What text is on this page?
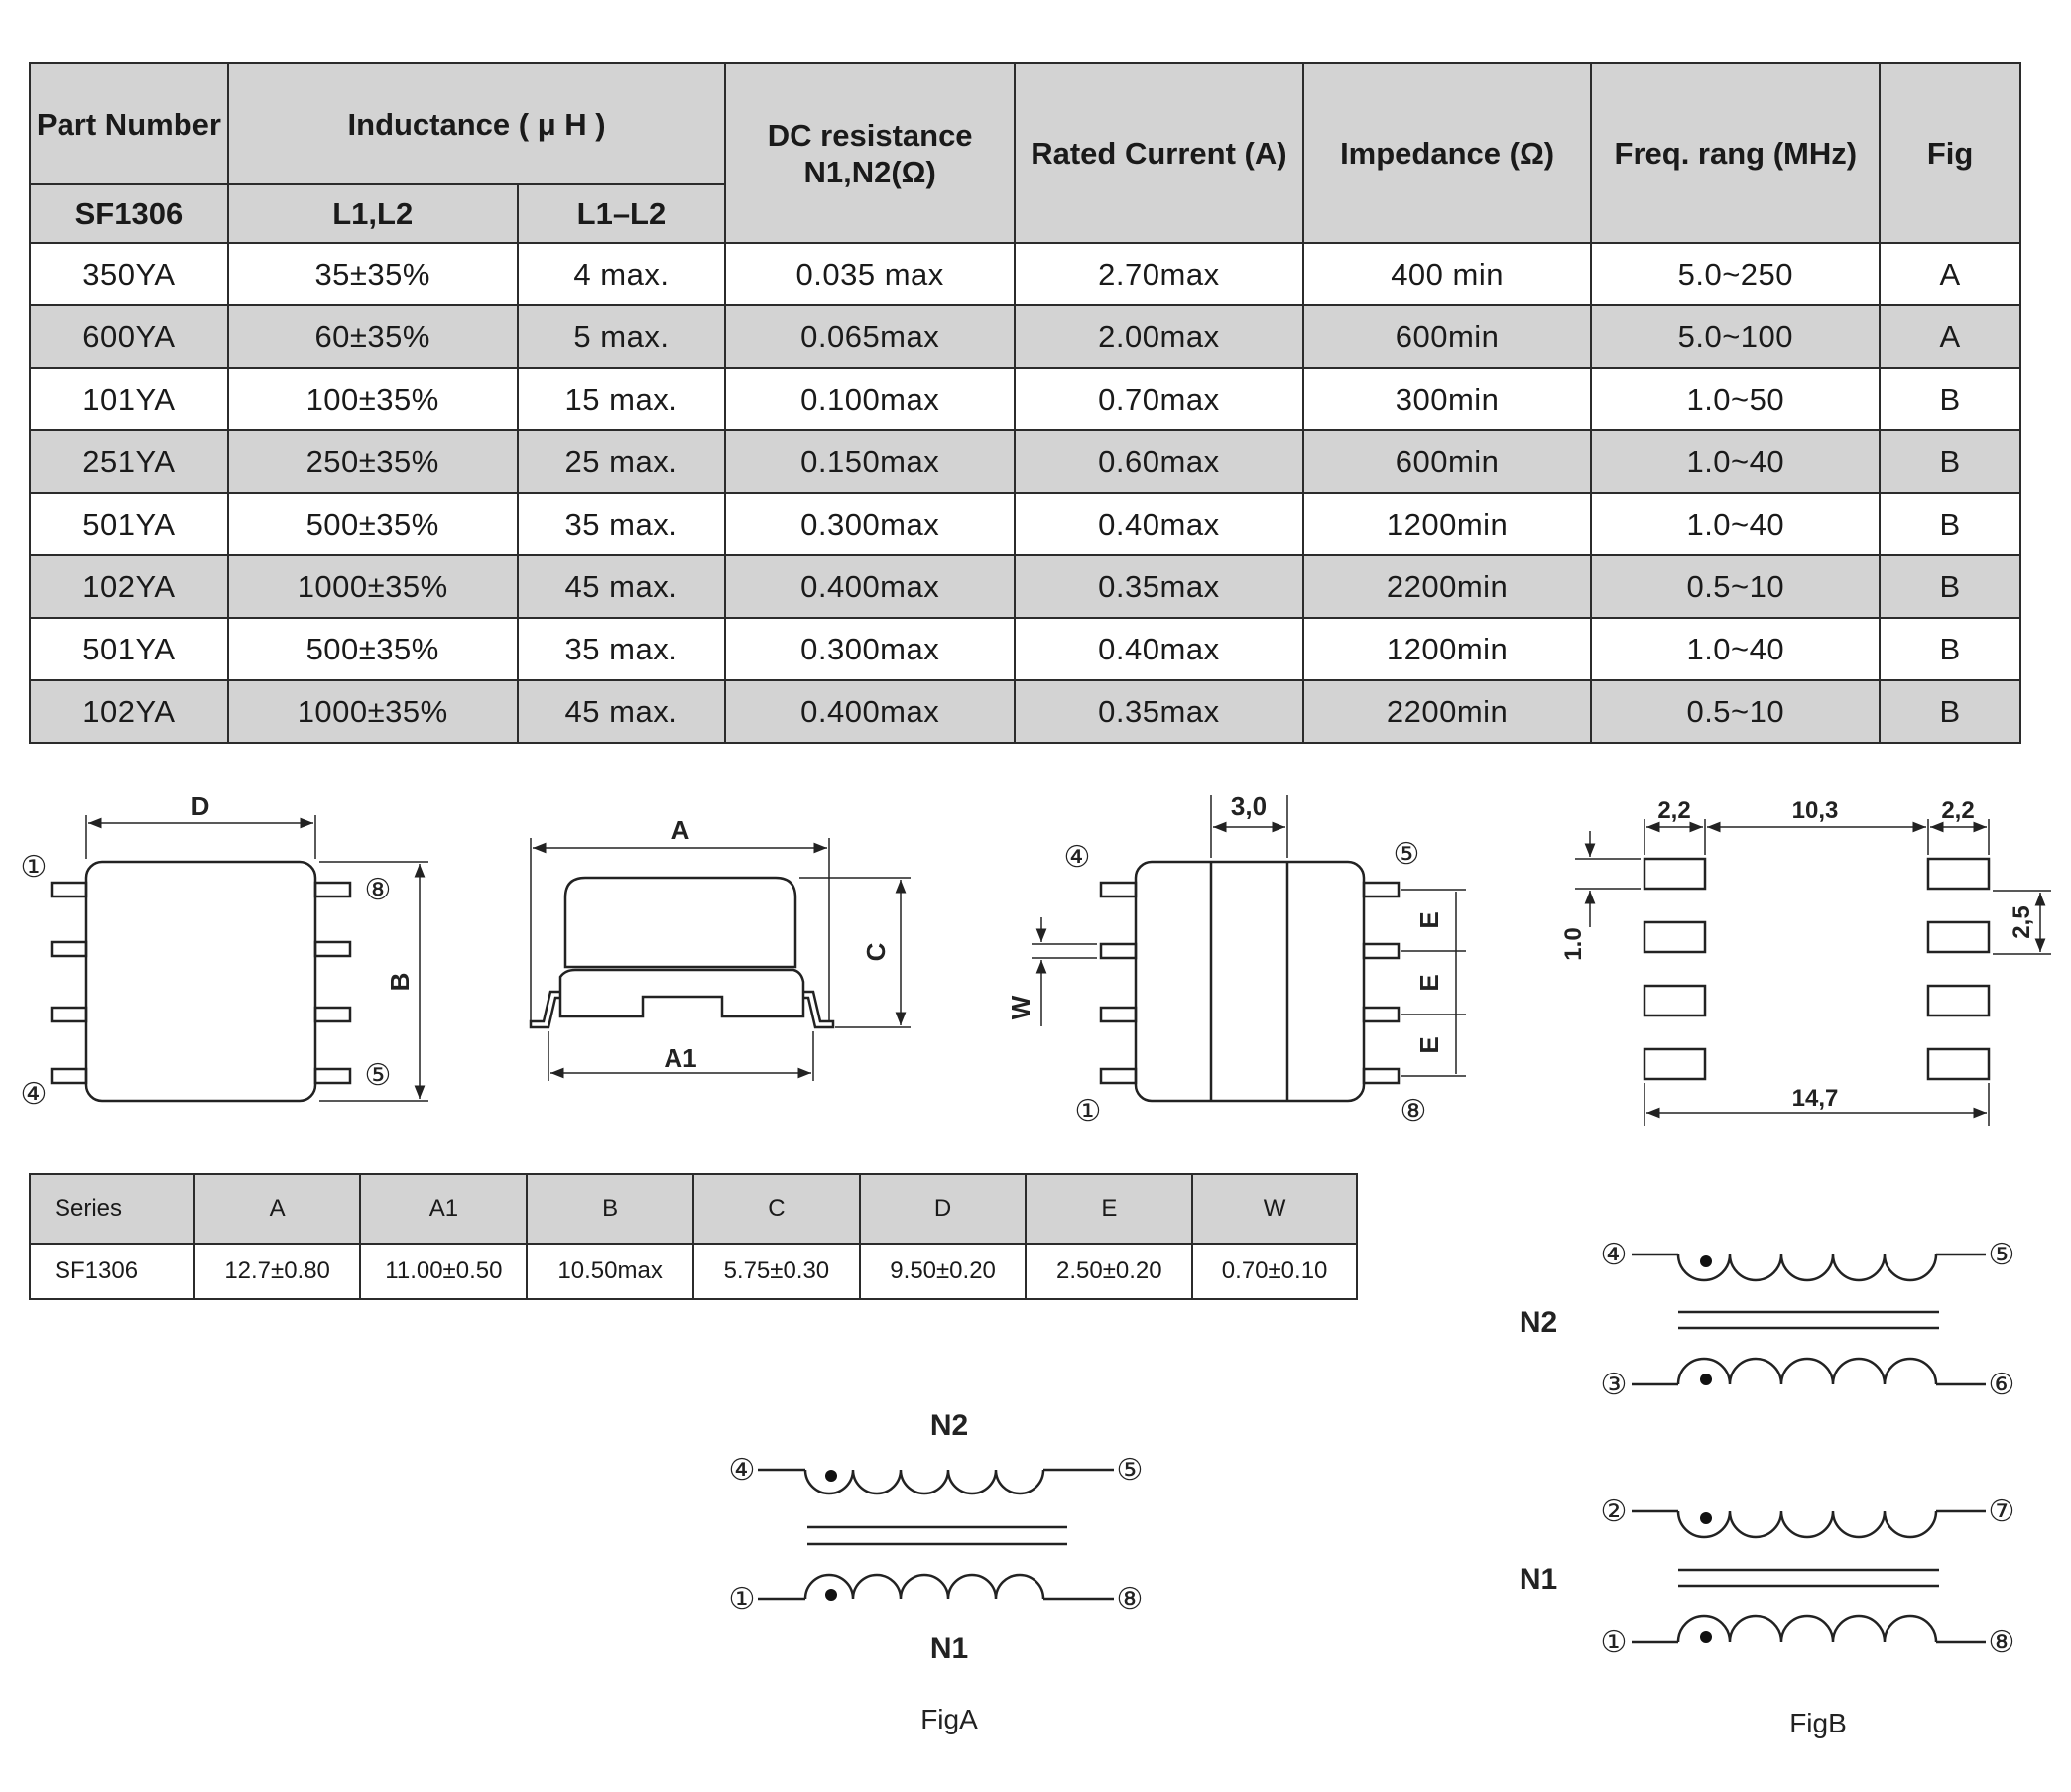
Part Number	Inductance ( μ H )		DC resistance N1,N2(Ω)	Rated Current (A)	Impedance (Ω)	Freq. rang (MHz)	Fig
SF1306	L1,L2	L1–L2					
350YA	35±35%	4 max.	0.035 max	2.70max	400 min	5.0~250	A
600YA	60±35%	5 max.	0.065max	2.00max	600min	5.0~100	A
101YA	100±35%	15 max.	0.100max	0.70max	300min	1.0~50	B
251YA	250±35%	25 max.	0.150max	0.60max	600min	1.0~40	B
501YA	500±35%	35 max.	0.300max	0.40max	1200min	1.0~40	B
102YA	1000±35%	45 max.	0.400max	0.35max	2200min	0.5~10	B
501YA	500±35%	35 max.	0.300max	0.40max	1200min	1.0~40	B
102YA	1000±35%	45 max.	0.400max	0.35max	2200min	0.5~10	B
D
B
A
A1
C
3,0
W
E
E
E
2,2	10,3	2,2
14,7
1.0
2,5
①
⑧
④
⑤
④	⑤
①	⑧
④	⑤
①	⑧
④	⑤
③	⑥
②	⑦
①	⑧
N2
N1
FigA
N2
N1
FigB
Series	A	A1	B	C	D	E	W
SF1306	12.7±0.80	11.00±0.50	10.50max	5.75±0.30	9.50±0.20	2.50±0.20	0.70±0.10
